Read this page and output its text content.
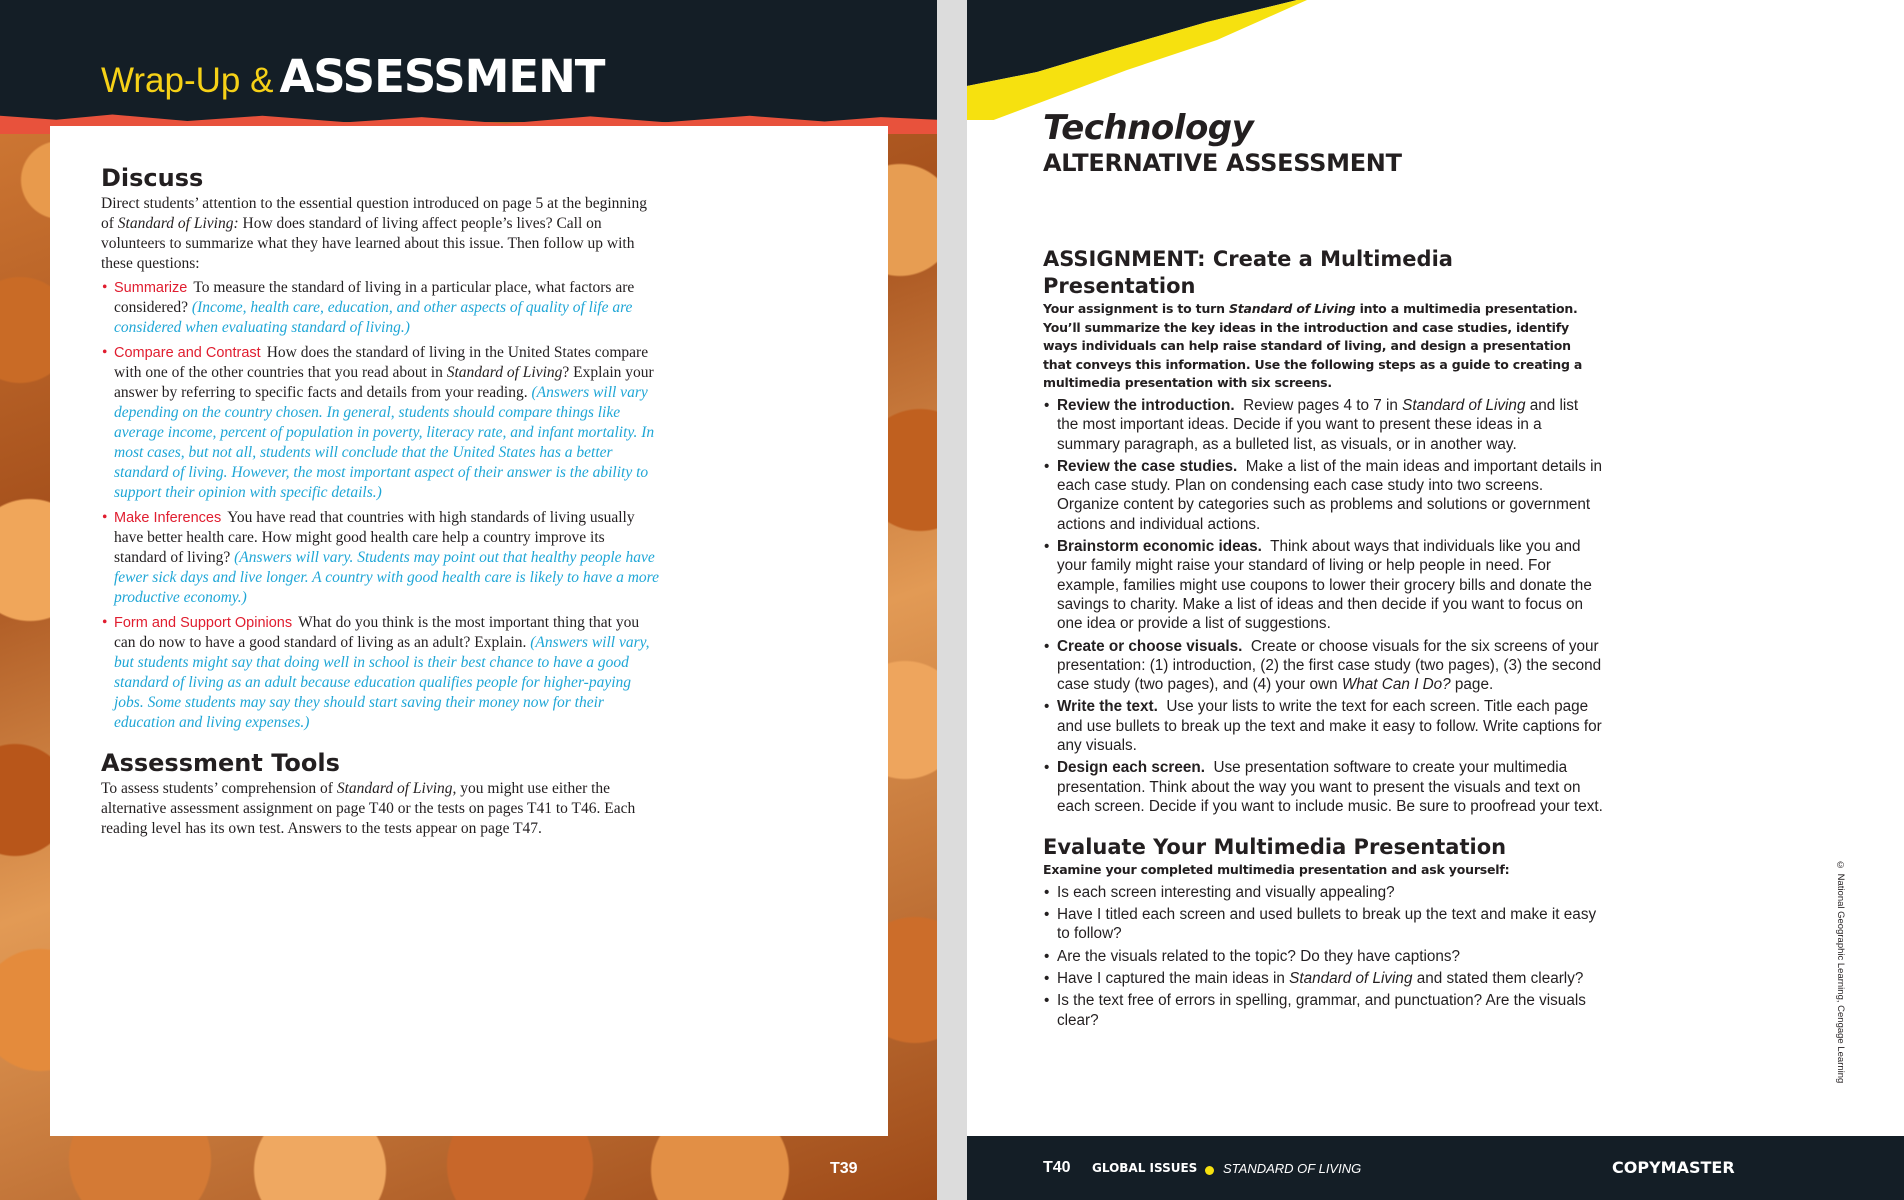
Wrap-Up & ASSESSMENT
Discuss

Direct students’ attention to the essential question introduced on page 5 at the beginning of Standard of Living: How does standard of living affect people’s lives? Call on volunteers to summarize what they have learned about this issue. Then follow up with these questions:

• Summarize To measure the standard of living in a particular place, what factors are considered? (Income, health care, education, and other aspects of quality of life are considered when evaluating standard of living.)
• Compare and Contrast How does the standard of living in the United States compare with one of the other countries that you read about in Standard of Living? Explain your answer by referring to specific facts and details from your reading. (Answers will vary depending on the country chosen. In general, students should compare things like average income, percent of population in poverty, literacy rate, and infant mortality. In most cases, but not all, students will conclude that the United States has a better standard of living. However, the most important aspect of their answer is the ability to support their opinion with specific details.)
• Make Inferences You have read that countries with high standards of living usually have better health care. How might good health care help a country improve its standard of living? (Answers will vary. Students may point out that healthy people have fewer sick days and live longer. A country with good health care is likely to have a more productive economy.)
• Form and Support Opinions What do you think is the most important thing that you can do now to have a good standard of living as an adult? Explain. (Answers will vary, but students might say that doing well in school is their best chance to have a good standard of living as an adult because education qualifies people for higher-paying jobs. Some students may say they should start saving their money now for their education and living expenses.)
Assessment Tools

To assess students’ comprehension of Standard of Living, you might use either the alternative assessment assignment on page T40 or the tests on pages T41 to T46. Each reading level has its own test. Answers to the tests appear on page T47.

T39
Technology
ALTERNATIVE ASSESSMENT
ASSIGNMENT: Create a Multimedia Presentation

Your assignment is to turn Standard of Living into a multimedia presentation. You’ll summarize the key ideas in the introduction and case studies, identify ways individuals can help raise standard of living, and design a presentation that conveys this information. Use the following steps as a guide to creating a multimedia presentation with six screens.

• Review the introduction. Review pages 4 to 7 in Standard of Living and list the most important ideas. Decide if you want to present these ideas in a summary paragraph, as a bulleted list, as visuals, or in another way.
• Review the case studies. Make a list of the main ideas and important details in each case study. Plan on condensing each case study into two screens. Organize content by categories such as problems and solutions or government actions and individual actions.
• Brainstorm economic ideas. Think about ways that individuals like you and your family might raise your standard of living or help people in need. For example, families might use coupons to lower their grocery bills and donate the savings to charity. Make a list of ideas and then decide if you want to focus on one idea or provide a list of suggestions.
• Create or choose visuals. Create or choose visuals for the six screens of your presentation: (1) introduction, (2) the first case study (two pages), (3) the second case study (two pages), and (4) your own What Can I Do? page.
• Write the text. Use your lists to write the text for each screen. Title each page and use bullets to break up the text and make it easy to follow. Write captions for any visuals.
• Design each screen. Use presentation software to create your multimedia presentation. Think about the way you want to present the visuals and text on each screen. Decide if you want to include music. Be sure to proofread your text.
Evaluate Your Multimedia Presentation

Examine your completed multimedia presentation and ask yourself:

• Is each screen interesting and visually appealing?
• Have I titled each screen and used bullets to break up the text and make it easy to follow?
• Are the visuals related to the topic? Do they have captions?
• Have I captured the main ideas in Standard of Living and stated them clearly?
• Is the text free of errors in spelling, grammar, and punctuation? Are the visuals clear?	© National Geographic Learning, Cengage Learning
T40 GLOBAL ISSUES STANDARD OF LIVING	COPYMASTER
